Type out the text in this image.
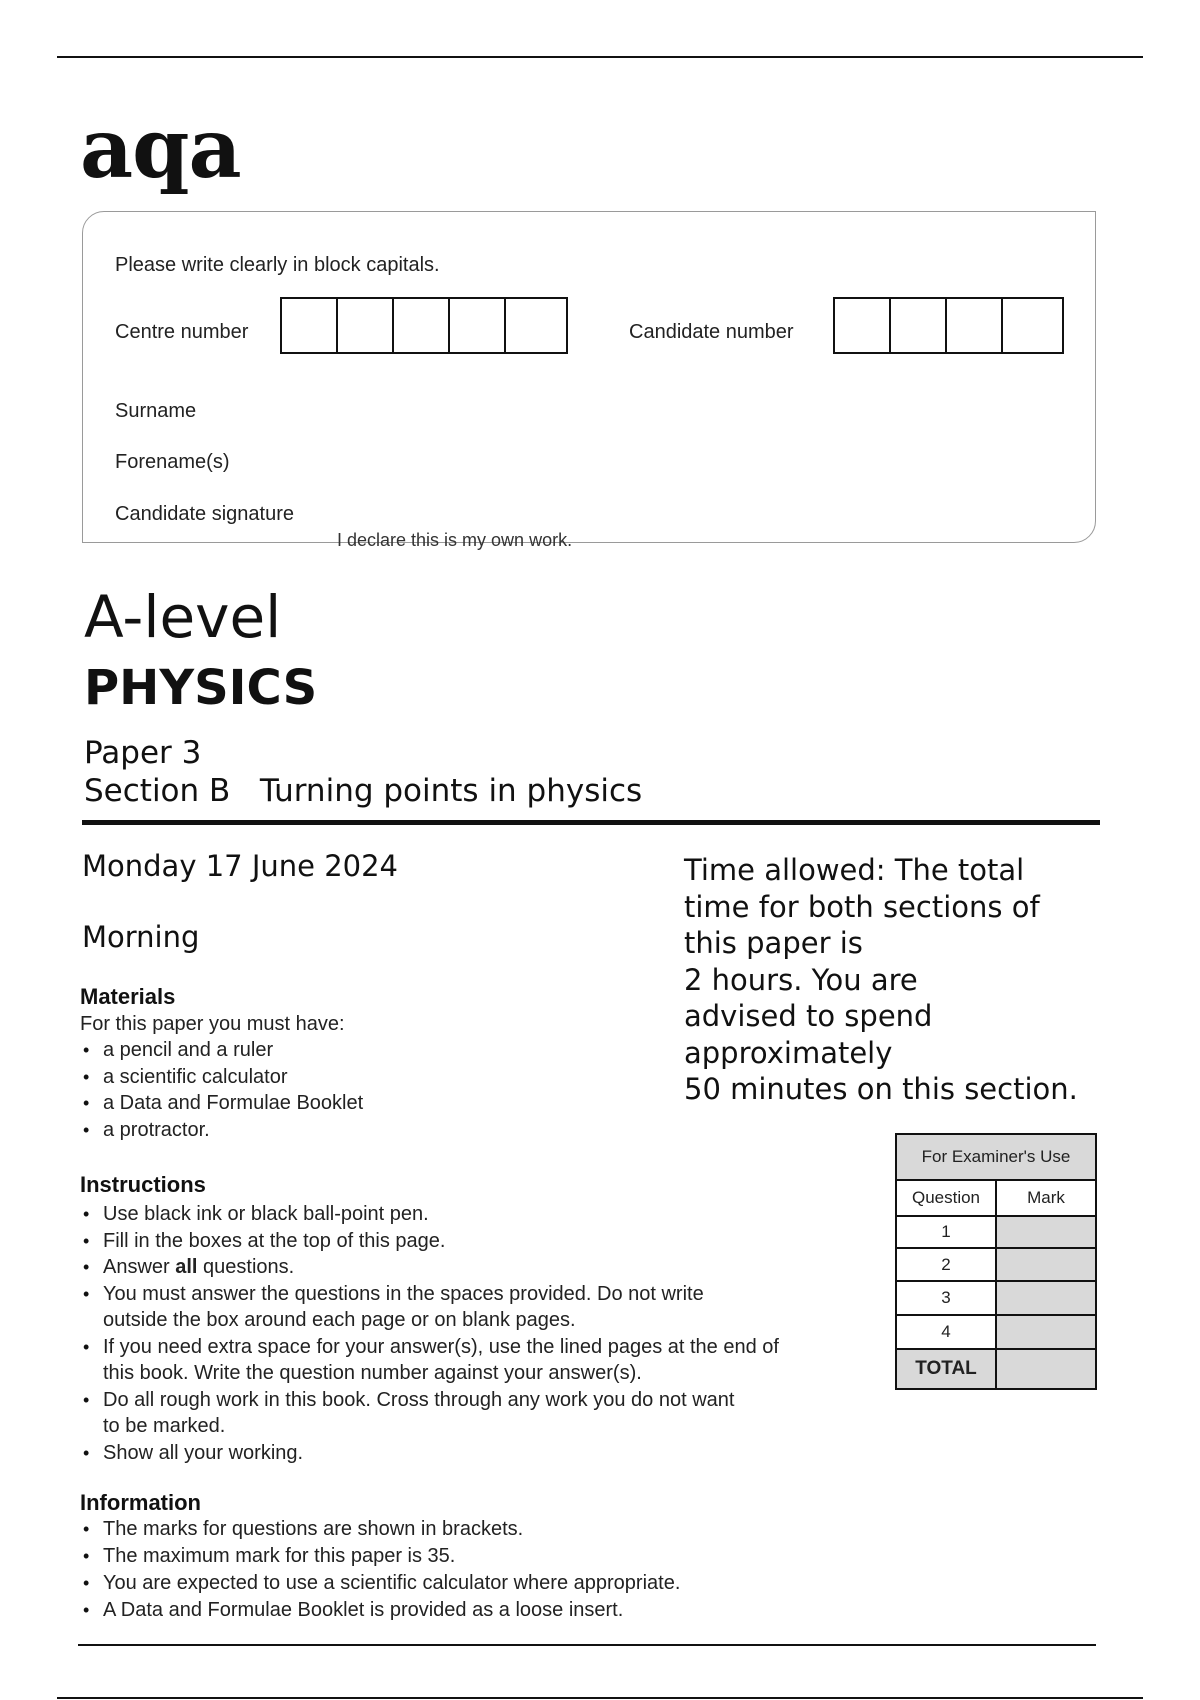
aqa
Please write clearly in block capitals.
Centre number	Candidate number
Surname
Forename(s)
Candidate signature
I declare this is my own work.
A-level
PHYSICS
Paper 3
Section B   Turning points in physics
Monday 17 June 2024
Morning
Time allowed: The total
time for both sections of
this paper is
2 hours. You are
advised to spend
approximately
50 minutes on this section.
Materials
For this paper you must have:
• a pencil and a ruler
• a scientific calculator
• a Data and Formulae Booklet
• a protractor.
Instructions
• Use black ink or black ball-point pen.
• Fill in the boxes at the top of this page.
• Answer all questions.
• You must answer the questions in the spaces provided. Do not write
outside the box around each page or on blank pages.
• If you need extra space for your answer(s), use the lined pages at the end of
this book. Write the question number against your answer(s).
• Do all rough work in this book. Cross through any work you do not want
to be marked.
• Show all your working.
Information
• The marks for questions are shown in brackets.
• The maximum mark for this paper is 35.
• You are expected to use a scientific calculator where appropriate.
• A Data and Formulae Booklet is provided as a loose insert.
For Examiner's Use	
Question	Mark
1	
2	
3	
4	
TOTAL	
